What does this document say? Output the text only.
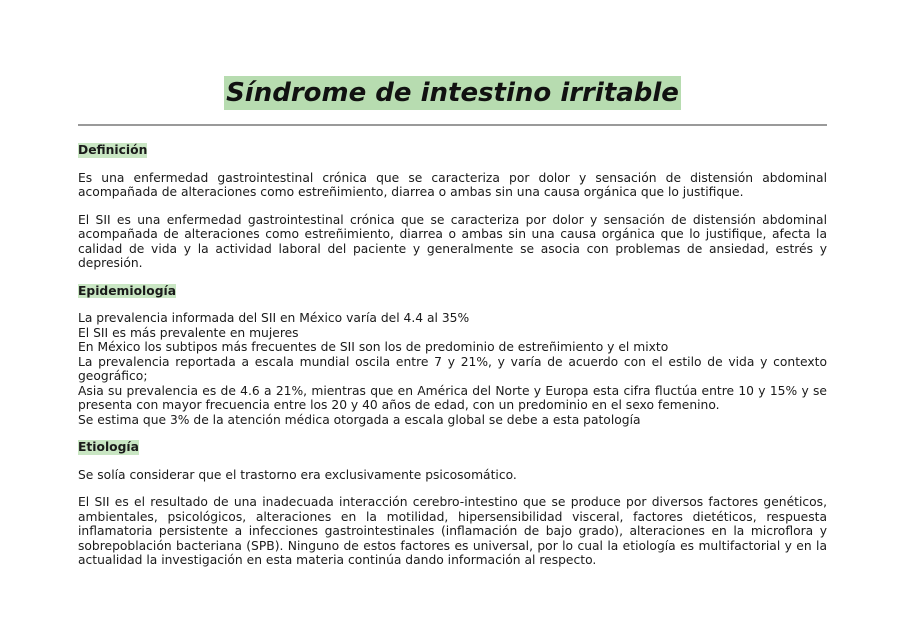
Síndrome de intestino irritable
Definición

Es una enfermedad gastrointestinal crónica que se caracteriza por dolor y sensación de distensión abdominal acompañada de alteraciones como estreñimiento, diarrea o ambas sin una causa orgánica que lo justifique.

El SII es una enfermedad gastrointestinal crónica que se caracteriza por dolor y sensación de distensión abdominal acompañada de alteraciones como estreñimiento, diarrea o ambas sin una causa orgánica que lo justifique, afecta la calidad de vida y la actividad laboral del paciente y generalmente se asocia con problemas de ansiedad, estrés y depresión.

Epidemiología
La prevalencia informada del SII en México varía del 4.4 al 35%
El SII es más prevalente en mujeres
En México los subtipos más frecuentes de SII son los de predominio de estreñimiento y el mixto
La prevalencia reportada a escala mundial oscila entre 7 y 21%, y varía de acuerdo con el estilo de vida y contexto geográfico;
Asia su prevalencia es de 4.6 a 21%, mientras que en América del Norte y Europa esta cifra fluctúa entre 10 y 15% y se presenta con mayor frecuencia entre los 20 y 40 años de edad, con un predominio en el sexo femenino.
Se estima que 3% de la atención médica otorgada a escala global se debe a esta patología
Etiología

Se solía considerar que el trastorno era exclusivamente psicosomático.

El SII es el resultado de una inadecuada interacción cerebro-intestino que se produce por diversos factores genéticos, ambientales, psicológicos, alteraciones en la motilidad, hipersensibilidad visceral, factores dietéticos, respuesta inflamatoria persistente a infecciones gastrointestinales (inflamación de bajo grado), alteraciones en la microflora y sobrepoblación bacteriana (SPB). Ninguno de estos factores es universal, por lo cual la etiología es multifactorial y en la actualidad la investigación en esta materia continúa dando información al respecto.
